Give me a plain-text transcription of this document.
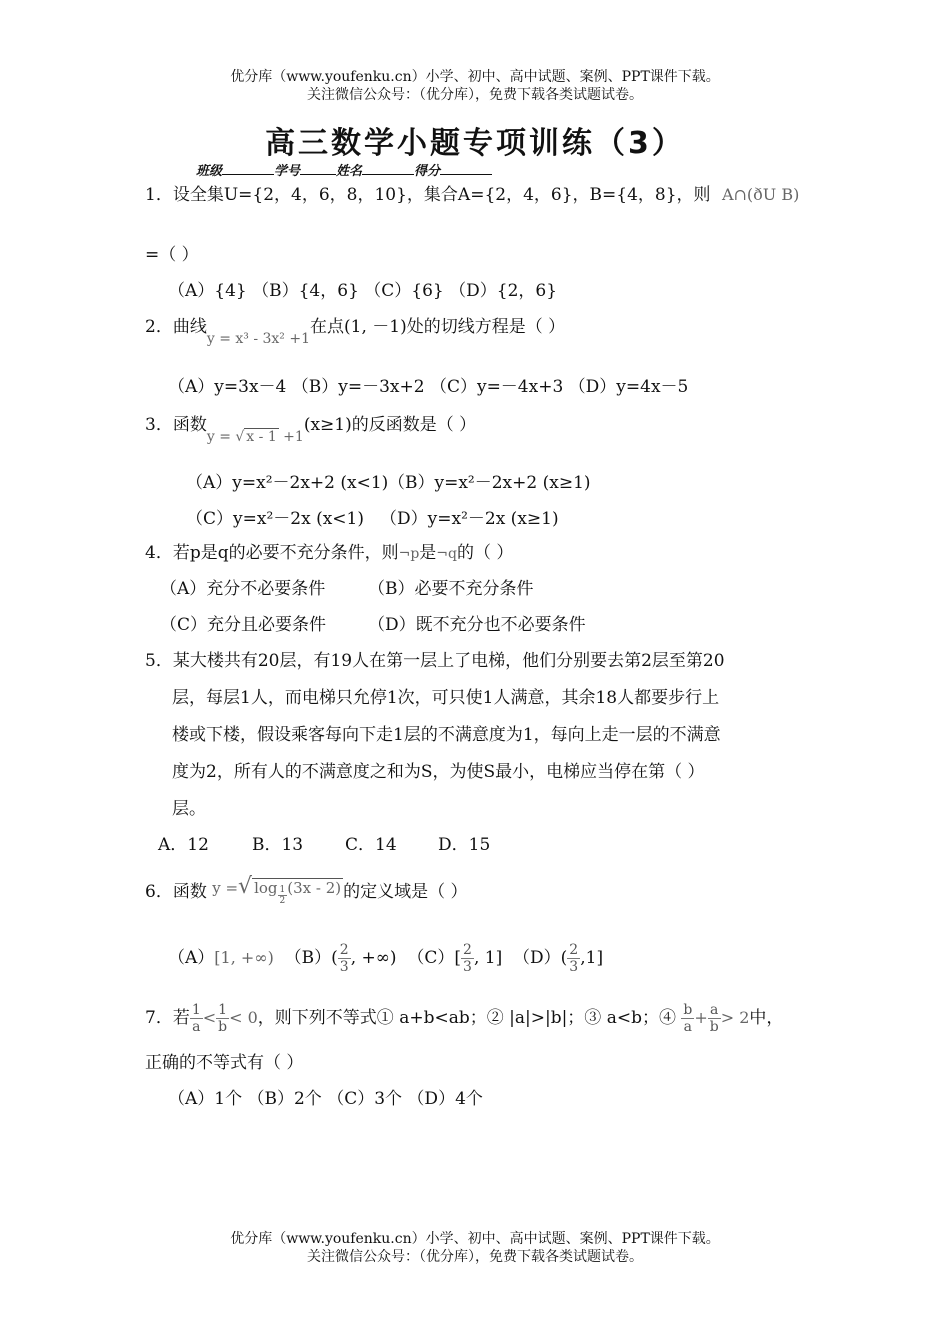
优分库（www.youfenku.cn）小学、初中、高中试题、案例、PPT课件下载。
关注微信公众号：（优分库），免费下载各类试题试卷。
高三数学小题专项训练（3）
班级	学号	姓名	得分
1．设全集U={2，4，6，8，10}，集合A={2，4，6}，B={4，8}，则 A∩(ðU B)
=（ ）
（A）{4} （B）{4，6} （C）{6} （D）{2，6}
2．曲线$_{y = x^3 - 3x^2 +1}$在点(1, －1)处的切线方程是（ ）
（A）y=3x－4 （B）y=－3x+2 （C）y=－4x+3 （D）y=4x－5
3．函数$_{y = √ x - 1 +1}$(x≥1)的反函数是（ ）
（A）y=x²－2x+2 (x<1) （B）y=x²－2x+2 (x≥1)
（C）y=x²－2x (x<1) （D）y=x²－2x (x≥1)
4．若p是q的必要不充分条件，则¬p是¬q的（ ）
（A）充分不必要条件	（B）必要不充分条件
（C）充分且必要条件 （D）既不充分也不必要条件
5．某大楼共有20层，有19人在第一层上了电梯，他们分别要去第2层至第20
层，每层1人，而电梯只允停1次，可只使1人满意，其余18人都要步行上
楼或下楼，假设乘客每向下走1层的不满意度为1，每向上走一层的不满意
度为2，所有人的不满意度之和为S，为使S最小，电梯应当停在第（ ）
层。
A．12	B．13 C．14 D．15
6．函数 y =√ $\log \frac{1}{2} (3x - 2)$ 的定义域是（ ）
（A）[1, +∞) $(B)( \frac{2}{3}$ , +∞) $(C)[ \frac{2}{3}$ , 1] $(D)( \frac{2}{3} ,1]$
7．若 $\frac{1}{a} < \frac{1}{b} < 0$，则下列不等式① a+b<ab；② |a|>|b|；③ a<b；④ $\frac{b}{a} + \frac{a}{b} > 2$中，
正确的不等式有（ ）
（A）1个 （B）2个 （C）3个 （D）4个
优分库（www.youfenku.cn）小学、初中、高中试题、案例、PPT课件下载。
关注微信公众号：（优分库），免费下载各类试题试卷。
